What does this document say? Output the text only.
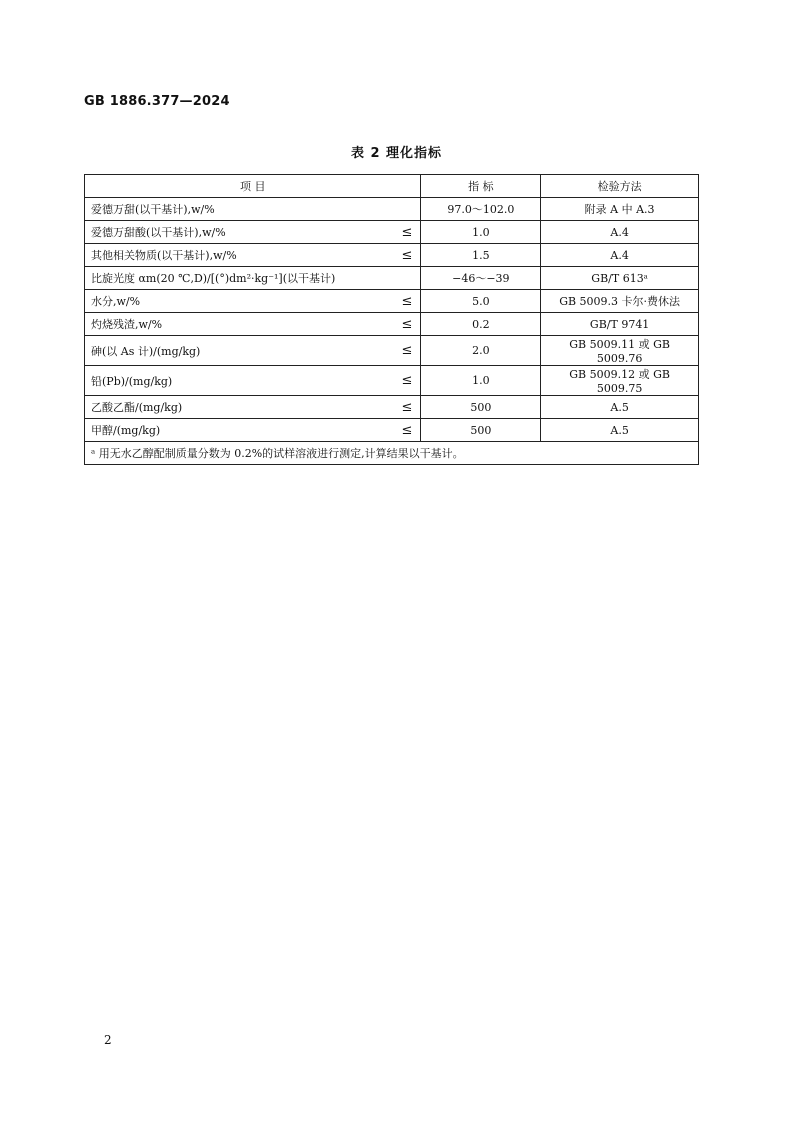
GB 1886.377—2024
表 2 理化指标
项 目	指 标	检验方法

爱德万甜(以干基计),w/%	97.0～102.0	附录 A 中 A.3

爱德万甜酸(以干基计),w/% ≤	1.0	A.4

其他相关物质(以干基计),w/% ≤	1.5	A.4

比旋光度 αm(20 ℃,D)/[(°)dm²·kg⁻¹](以干基计)	−46～−39	GB/T 613ᵃ

水分,w/% ≤	5.0	GB 5009.3 卡尔·费休法

灼烧残渣,w/% ≤	0.2	GB/T 9741

砷(以 As 计)/(mg/kg) ≤	2.0	GB 5009.11 或 GB 5009.76

铅(Pb)/(mg/kg) ≤	1.0	GB 5009.12 或 GB 5009.75

乙酸乙酯/(mg/kg) ≤	500	A.5

甲醇/(mg/kg) ≤	500	A.5
ᵃ 用无水乙醇配制质量分数为 0.2%的试样溶液进行测定,计算结果以干基计。		
2
